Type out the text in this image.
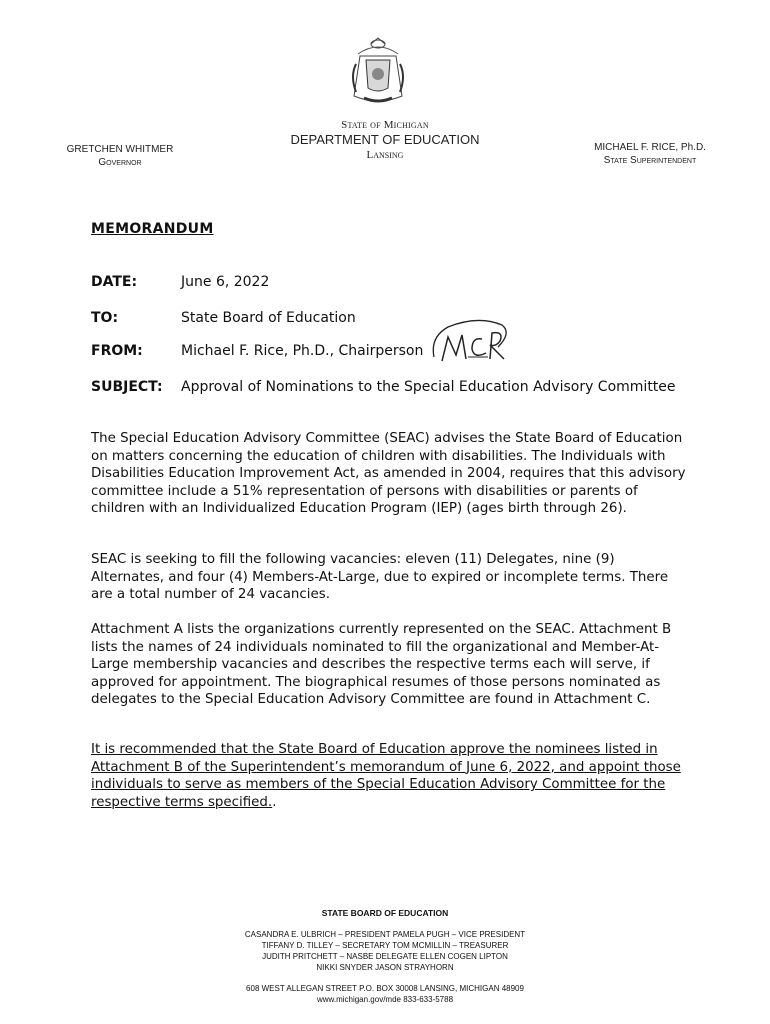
State of Michigan
DEPARTMENT OF EDUCATION
Lansing
GRETCHEN WHITMER
Governor
MICHAEL F. RICE, Ph.D.
State Superintendent
MEMORANDUM
DATE:	June 6, 2022
TO:	State Board of Education
FROM:	Michael F. Rice, Ph.D., Chairperson
SUBJECT: Approval of Nominations to the Special Education Advisory Committee

The Special Education Advisory Committee (SEAC) advises the State Board of Education on matters concerning the education of children with disabilities. The Individuals with Disabilities Education Improvement Act, as amended in 2004, requires that this advisory committee include a 51% representation of persons with disabilities or parents of children with an Individualized Education Program (IEP) (ages birth through 26).

SEAC is seeking to fill the following vacancies: eleven (11) Delegates, nine (9) Alternates, and four (4) Members-At-Large, due to expired or incomplete terms. There are a total number of 24 vacancies.

Attachment A lists the organizations currently represented on the SEAC. Attachment B lists the names of 24 individuals nominated to fill the organizational and Member-At-Large membership vacancies and describes the respective terms each will serve, if approved for appointment. The biographical resumes of those persons nominated as delegates to the Special Education Advisory Committee are found in Attachment C.

It is recommended that the State Board of Education approve the nominees listed in Attachment B of the Superintendent’s memorandum of June 6, 2022, and appoint those individuals to serve as members of the Special Education Advisory Committee for the respective terms specified..
STATE BOARD OF EDUCATION
CASANDRA E. ULBRICH – PRESIDENT PAMELA PUGH – VICE PRESIDENT
TIFFANY D. TILLEY – SECRETARY TOM MCMILLIN – TREASURER
JUDITH PRITCHETT – NASBE DELEGATE ELLEN COGEN LIPTON
NIKKI SNYDER JASON STRAYHORN
608 WEST ALLEGAN STREET P.O. BOX 30008 LANSING, MICHIGAN 48909
www.michigan.gov/mde 833-633-5788
